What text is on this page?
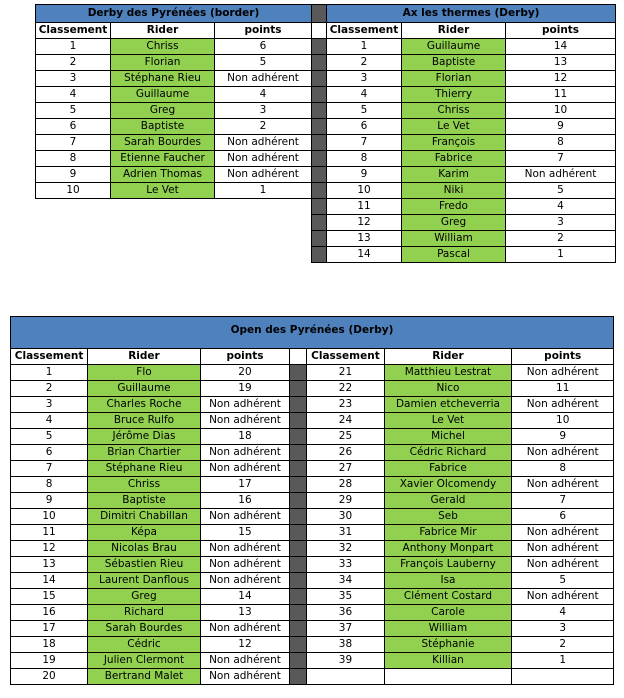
Derby des Pyrénées (border)				Ax les thermes (Derby)		
Classement	Rider	points		Classement	Rider	points
1	Chriss	6		1	Guillaume	14
2	Florian	5		2	Baptiste	13
3	Stéphane Rieu	Non adhérent		3	Florian	12
4	Guillaume	4		4	Thierry	11
5	Greg	3		5	Chriss	10
6	Baptiste	2		6	Le Vet	9
7	Sarah Bourdes	Non adhérent		7	François	8
8	Etienne Faucher	Non adhérent		8	Fabrice	7
9	Adrien Thomas	Non adhérent		9	Karim	Non adhérent
10	Le Vet	1		10	Niki	5
				11	Fredo	4
				12	Greg	3
				13	William	2
				14	Pascal	1
Open des Pyrénées (Derby)						
Classement	Rider	points		Classement	Rider	points
1	Flo	20		21	Matthieu Lestrat	Non adhérent
2	Guillaume	19		22	Nico	11
3	Charles Roche	Non adhérent		23	Damien etcheverria	Non adhérent
4	Bruce Rulfo	Non adhérent		24	Le Vet	10
5	Jérôme Dias	18		25	Michel	9
6	Brian Chartier	Non adhérent		26	Cédric Richard	Non adhérent
7	Stéphane Rieu	Non adhérent		27	Fabrice	8
8	Chriss	17		28	Xavier Olcomendy	Non adhérent
9	Baptiste	16		29	Gerald	7
10	Dimitri Chabillan	Non adhérent		30	Seb	6
11	Képa	15		31	Fabrice Mir	Non adhérent
12	Nicolas Brau	Non adhérent		32	Anthony Monpart	Non adhérent
13	Sébastien Rieu	Non adhérent		33	François Lauberny	Non adhérent
14	Laurent Danflous	Non adhérent		34	Isa	5
15	Greg	14		35	Clément Costard	Non adhérent
16	Richard	13		36	Carole	4
17	Sarah Bourdes	Non adhérent		37	William	3
18	Cédric	12		38	Stéphanie	2
19	Julien Clermont	Non adhérent		39	Killian	1
20	Bertrand Malet	Non adhérent				
